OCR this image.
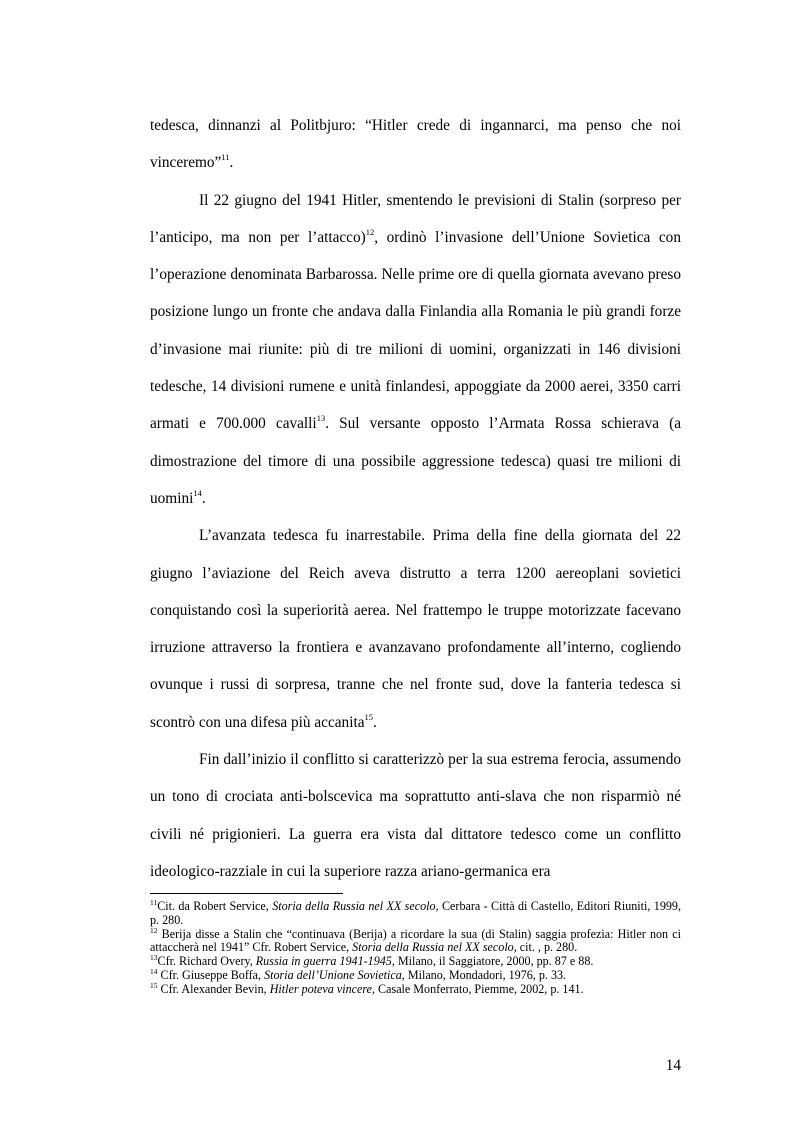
tedesca, dinnanzi al Politbjuro: “Hitler crede di ingannarci, ma penso che noi vinceremo”$^{11}$.

Il 22 giugno del 1941 Hitler, smentendo le previsioni di Stalin (sorpreso per l’anticipo, ma non per l’attacco)$^{12}$, ordinò l’invasione dell’Unione Sovietica con l’operazione denominata Barbarossa. Nelle prime ore di quella giornata avevano preso posizione lungo un fronte che andava dalla Finlandia alla Romania le più grandi forze d’invasione mai riunite: più di tre milioni di uomini, organizzati in 146 divisioni tedesche, 14 divisioni rumene e unità finlandesi, appoggiate da 2000 aerei, 3350 carri armati e 700.000 cavalli$^{13}$. Sul versante opposto l’Armata Rossa schierava (a dimostrazione del timore di una possibile aggressione tedesca) quasi tre milioni di uomini$^{14}$.

L’avanzata tedesca fu inarrestabile. Prima della fine della giornata del 22 giugno l’aviazione del Reich aveva distrutto a terra 1200 aereoplani sovietici conquistando così la superiorità aerea. Nel frattempo le truppe motorizzate facevano irruzione attraverso la frontiera e avanzavano profondamente all’interno, cogliendo ovunque i russi di sorpresa, tranne che nel fronte sud, dove la fanteria tedesca si scontrò con una difesa più accanita$^{15}$.

Fin dall’inizio il conflitto si caratterizzò per la sua estrema ferocia, assumendo un tono di crociata anti-bolscevica ma soprattutto anti-slava che non risparmiò né civili né prigionieri. La guerra era vista dal dittatore tedesco come un conflitto ideologico-razziale in cui la superiore razza ariano-germanica era

$^{11}$Cit. da Robert Service, Storia della Russia nel XX secolo, Cerbara - Città di Castello, Editori Riuniti, 1999, p. 280.

$^{12}$ Berija disse a Stalin che “continuava (Berija) a ricordare la sua (di Stalin) saggia profezia: Hitler non ci attaccherà nel 1941” Cfr. Robert Service, Storia della Russia nel XX secolo, cit. , p. 280.

$^{13}$Cfr. Richard Overy, Russia in guerra 1941-1945, Milano, il Saggiatore, 2000, pp. 87 e 88.

$^{14}$ Cfr. Giuseppe Boffa, Storia dell’Unione Sovietica, Milano, Mondadori, 1976, p. 33.

$^{15}$ Cfr. Alexander Bevin, Hitler poteva vincere, Casale Monferrato, Piemme, 2002, p. 141.

14
